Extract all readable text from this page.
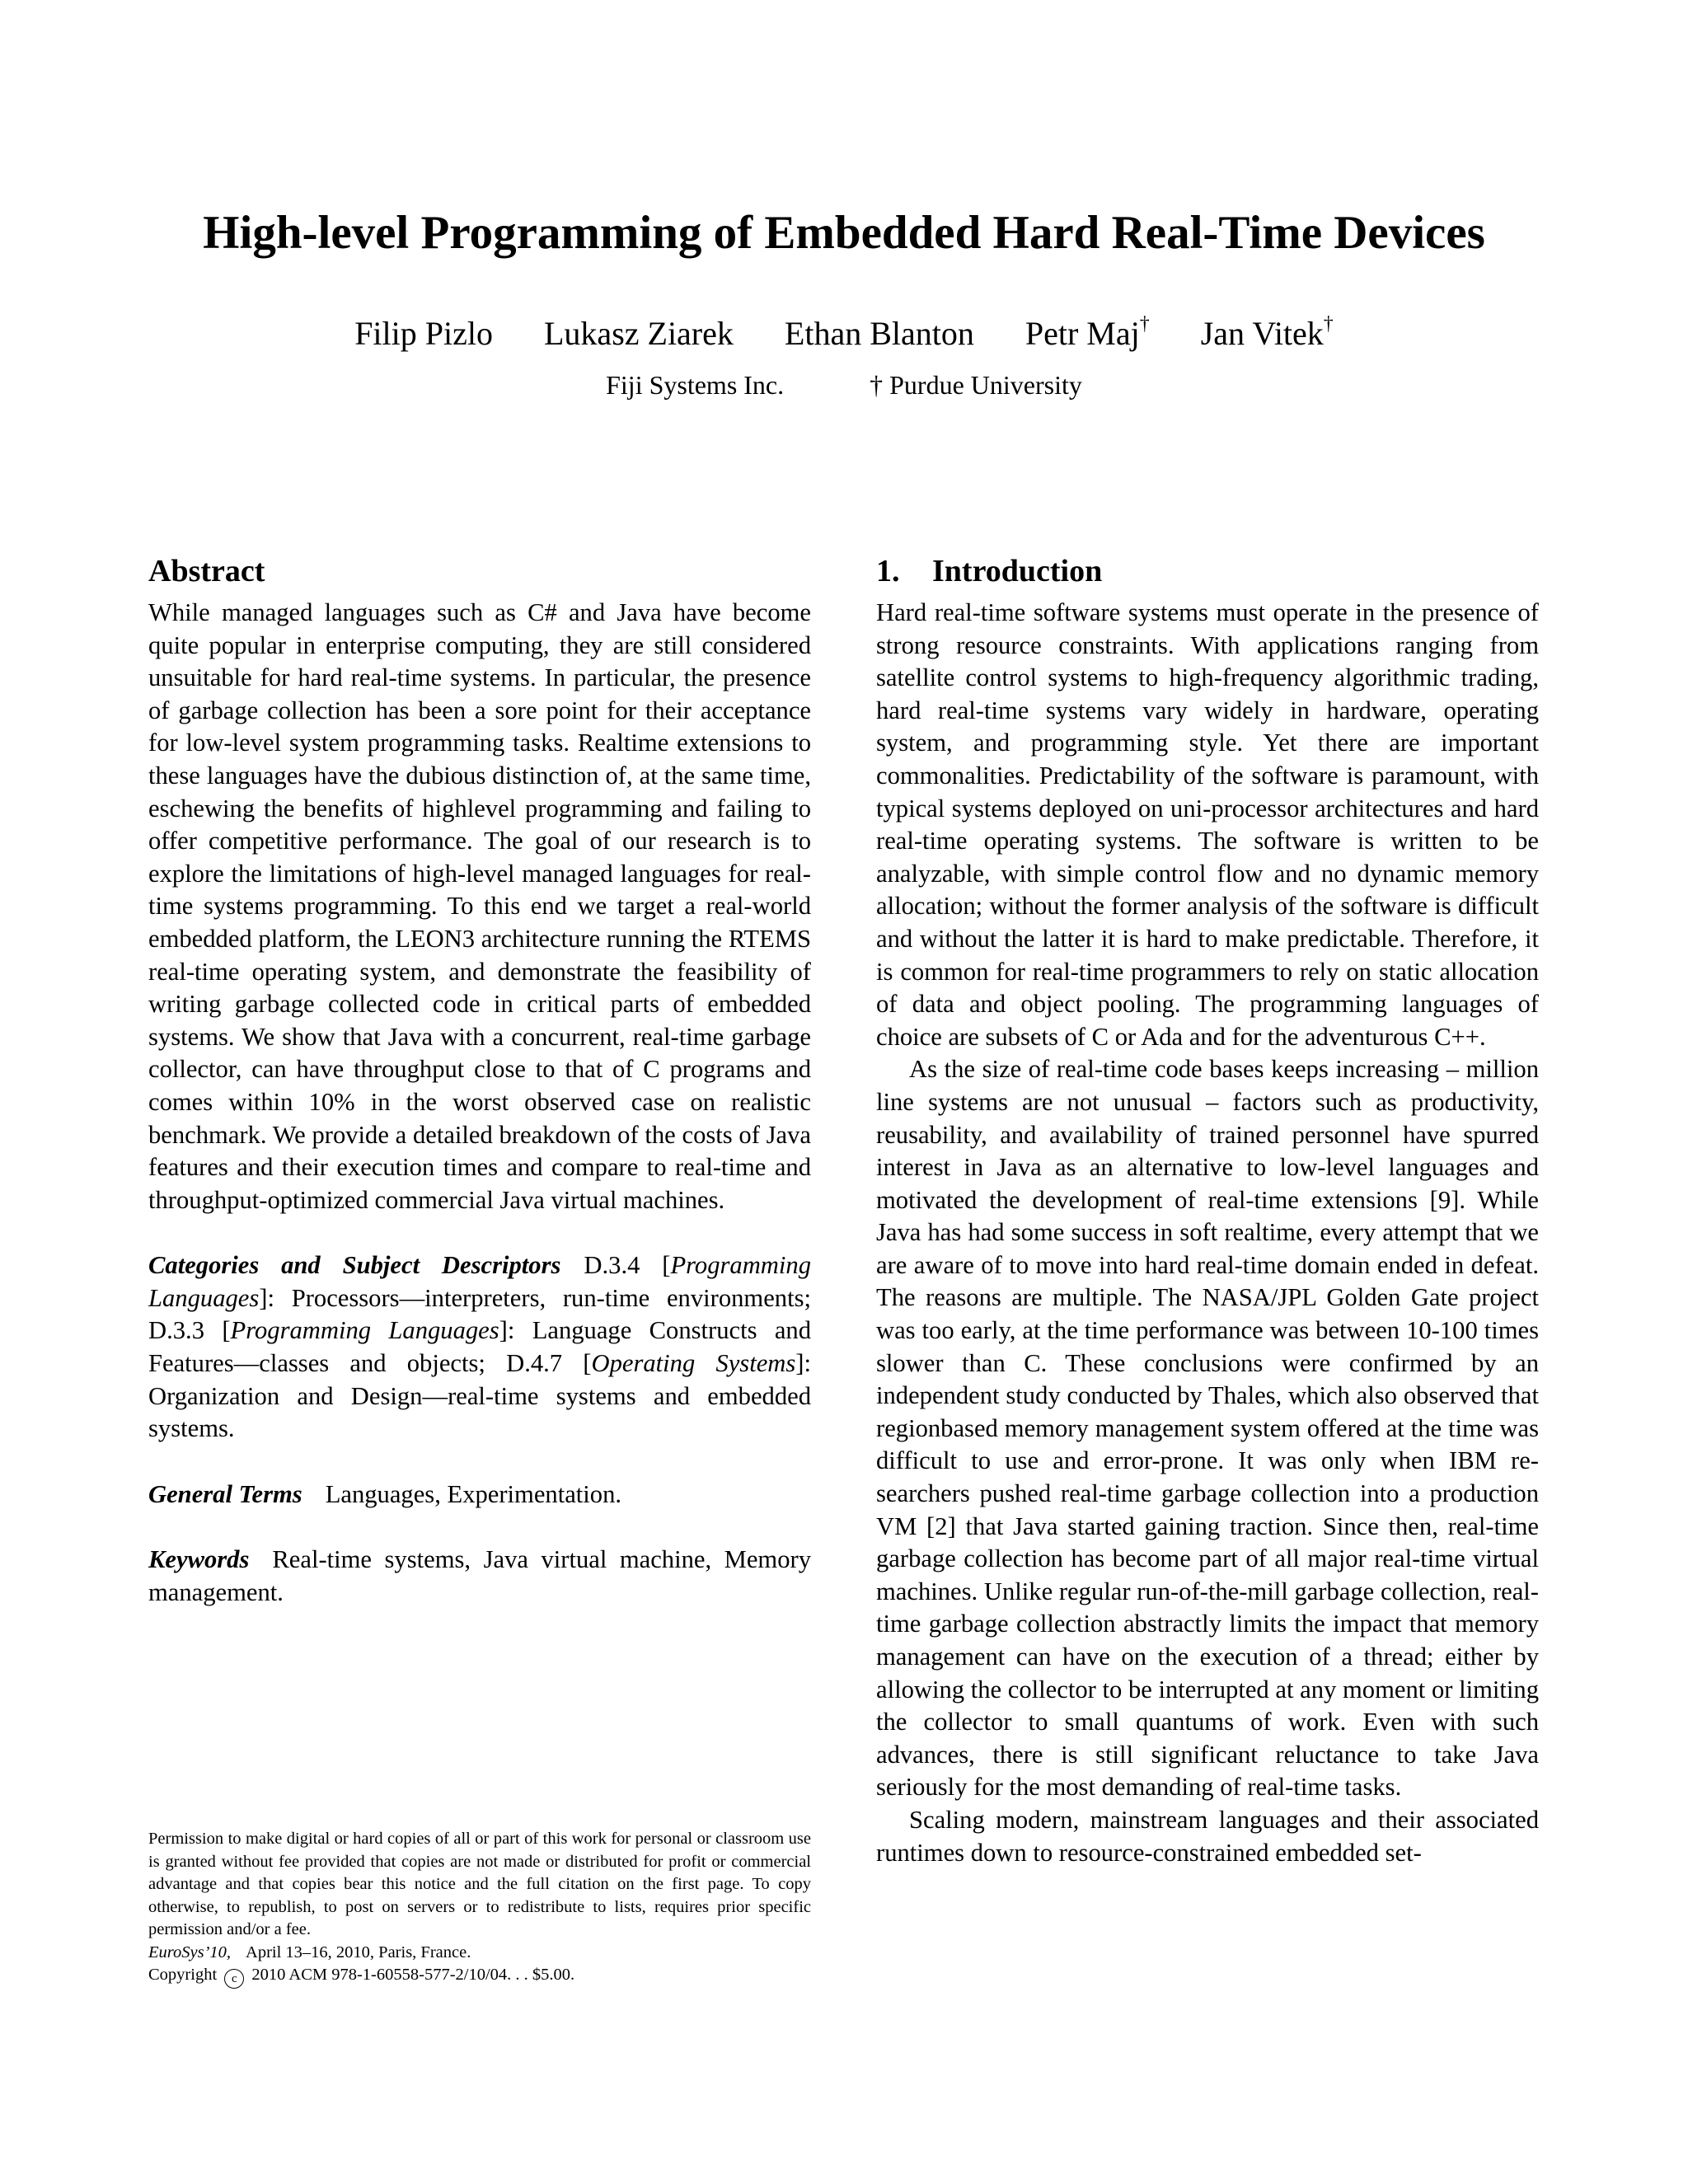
High-level Programming of Embedded Hard Real-Time Devices
Filip Pizlo Lukasz Ziarek Ethan Blanton Petr Maj† Jan Vitek†
Fiji Systems Inc.	† Purdue University
Abstract

While managed languages such as C# and Java have become quite popular in enterprise computing, they are still considered unsuitable for hard real-time systems. In particular, the presence of garbage collection has been a sore point for their acceptance for low-level system programming tasks. Realtime extensions to these languages have the dubious distinction of, at the same time, eschewing the benefits of highlevel programming and failing to offer competitive performance. The goal of our research is to explore the limitations of high-level managed languages for real-time systems programming. To this end we target a real-world embedded platform, the LEON3 architecture running the RTEMS real-time operating system, and demonstrate the feasibility of writing garbage collected code in critical parts of embedded systems. We show that Java with a concurrent, real-time garbage collector, can have throughput close to that of C programs and comes within 10% in the worst observed case on realistic benchmark. We provide a detailed breakdown of the costs of Java features and their execution times and compare to real-time and throughput-optimized commercial Java virtual machines.

Categories and Subject Descriptors D.3.4 [Programming Languages]: Processors—interpreters, run-time environments; D.3.3 [Programming Languages]: Language Constructs and Features—classes and objects; D.4.7 [Operating Systems]: Organization and Design—real-time systems and embedded systems.

General Terms Languages, Experimentation.

Keywords Real-time systems, Java virtual machine, Memory management.

Permission to make digital or hard copies of all or part of this work for personal or classroom use is granted without fee provided that copies are not made or distributed for profit or commercial advantage and that copies bear this notice and the full citation on the first page. To copy otherwise, to republish, to post on servers or to redistribute to lists, requires prior specific permission and/or a fee.

EuroSys’10, April 13–16, 2010, Paris, France.

Copyright c 2010 ACM 978-1-60558-577-2/10/04. . . $5.00.

1. Introduction

Hard real-time software systems must operate in the presence of strong resource constraints. With applications ranging from satellite control systems to high-frequency algorithmic trading, hard real-time systems vary widely in hardware, operating system, and programming style. Yet there are important commonalities. Predictability of the software is paramount, with typical systems deployed on uni-processor architectures and hard real-time operating systems. The software is written to be analyzable, with simple control flow and no dynamic memory allocation; without the former analysis of the software is difficult and without the latter it is hard to make predictable. Therefore, it is common for real-time programmers to rely on static allocation of data and object pooling. The programming languages of choice are subsets of C or Ada and for the adventurous C++.

As the size of real-time code bases keeps increasing – million line systems are not unusual – factors such as productivity, reusability, and availability of trained personnel have spurred interest in Java as an alternative to low-level languages and motivated the development of real-time extensions [9]. While Java has had some success in soft realtime, every attempt that we are aware of to move into hard real-time domain ended in defeat. The reasons are multiple. The NASA/JPL Golden Gate project was too early, at the time performance was between 10-100 times slower than C. These conclusions were confirmed by an independent study conducted by Thales, which also observed that regionbased memory management system offered at the time was difficult to use and error-prone. It was only when IBM researchers pushed real-time garbage collection into a production VM [2] that Java started gaining traction. Since then, real-time garbage collection has become part of all major real-time virtual machines. Unlike regular run-of-the-mill garbage collection, real-time garbage collection abstractly limits the impact that memory management can have on the execution of a thread; either by allowing the collector to be interrupted at any moment or limiting the collector to small quantums of work. Even with such advances, there is still significant reluctance to take Java seriously for the most demanding of real-time tasks.

Scaling modern, mainstream languages and their associated runtimes down to resource-constrained embedded set-
